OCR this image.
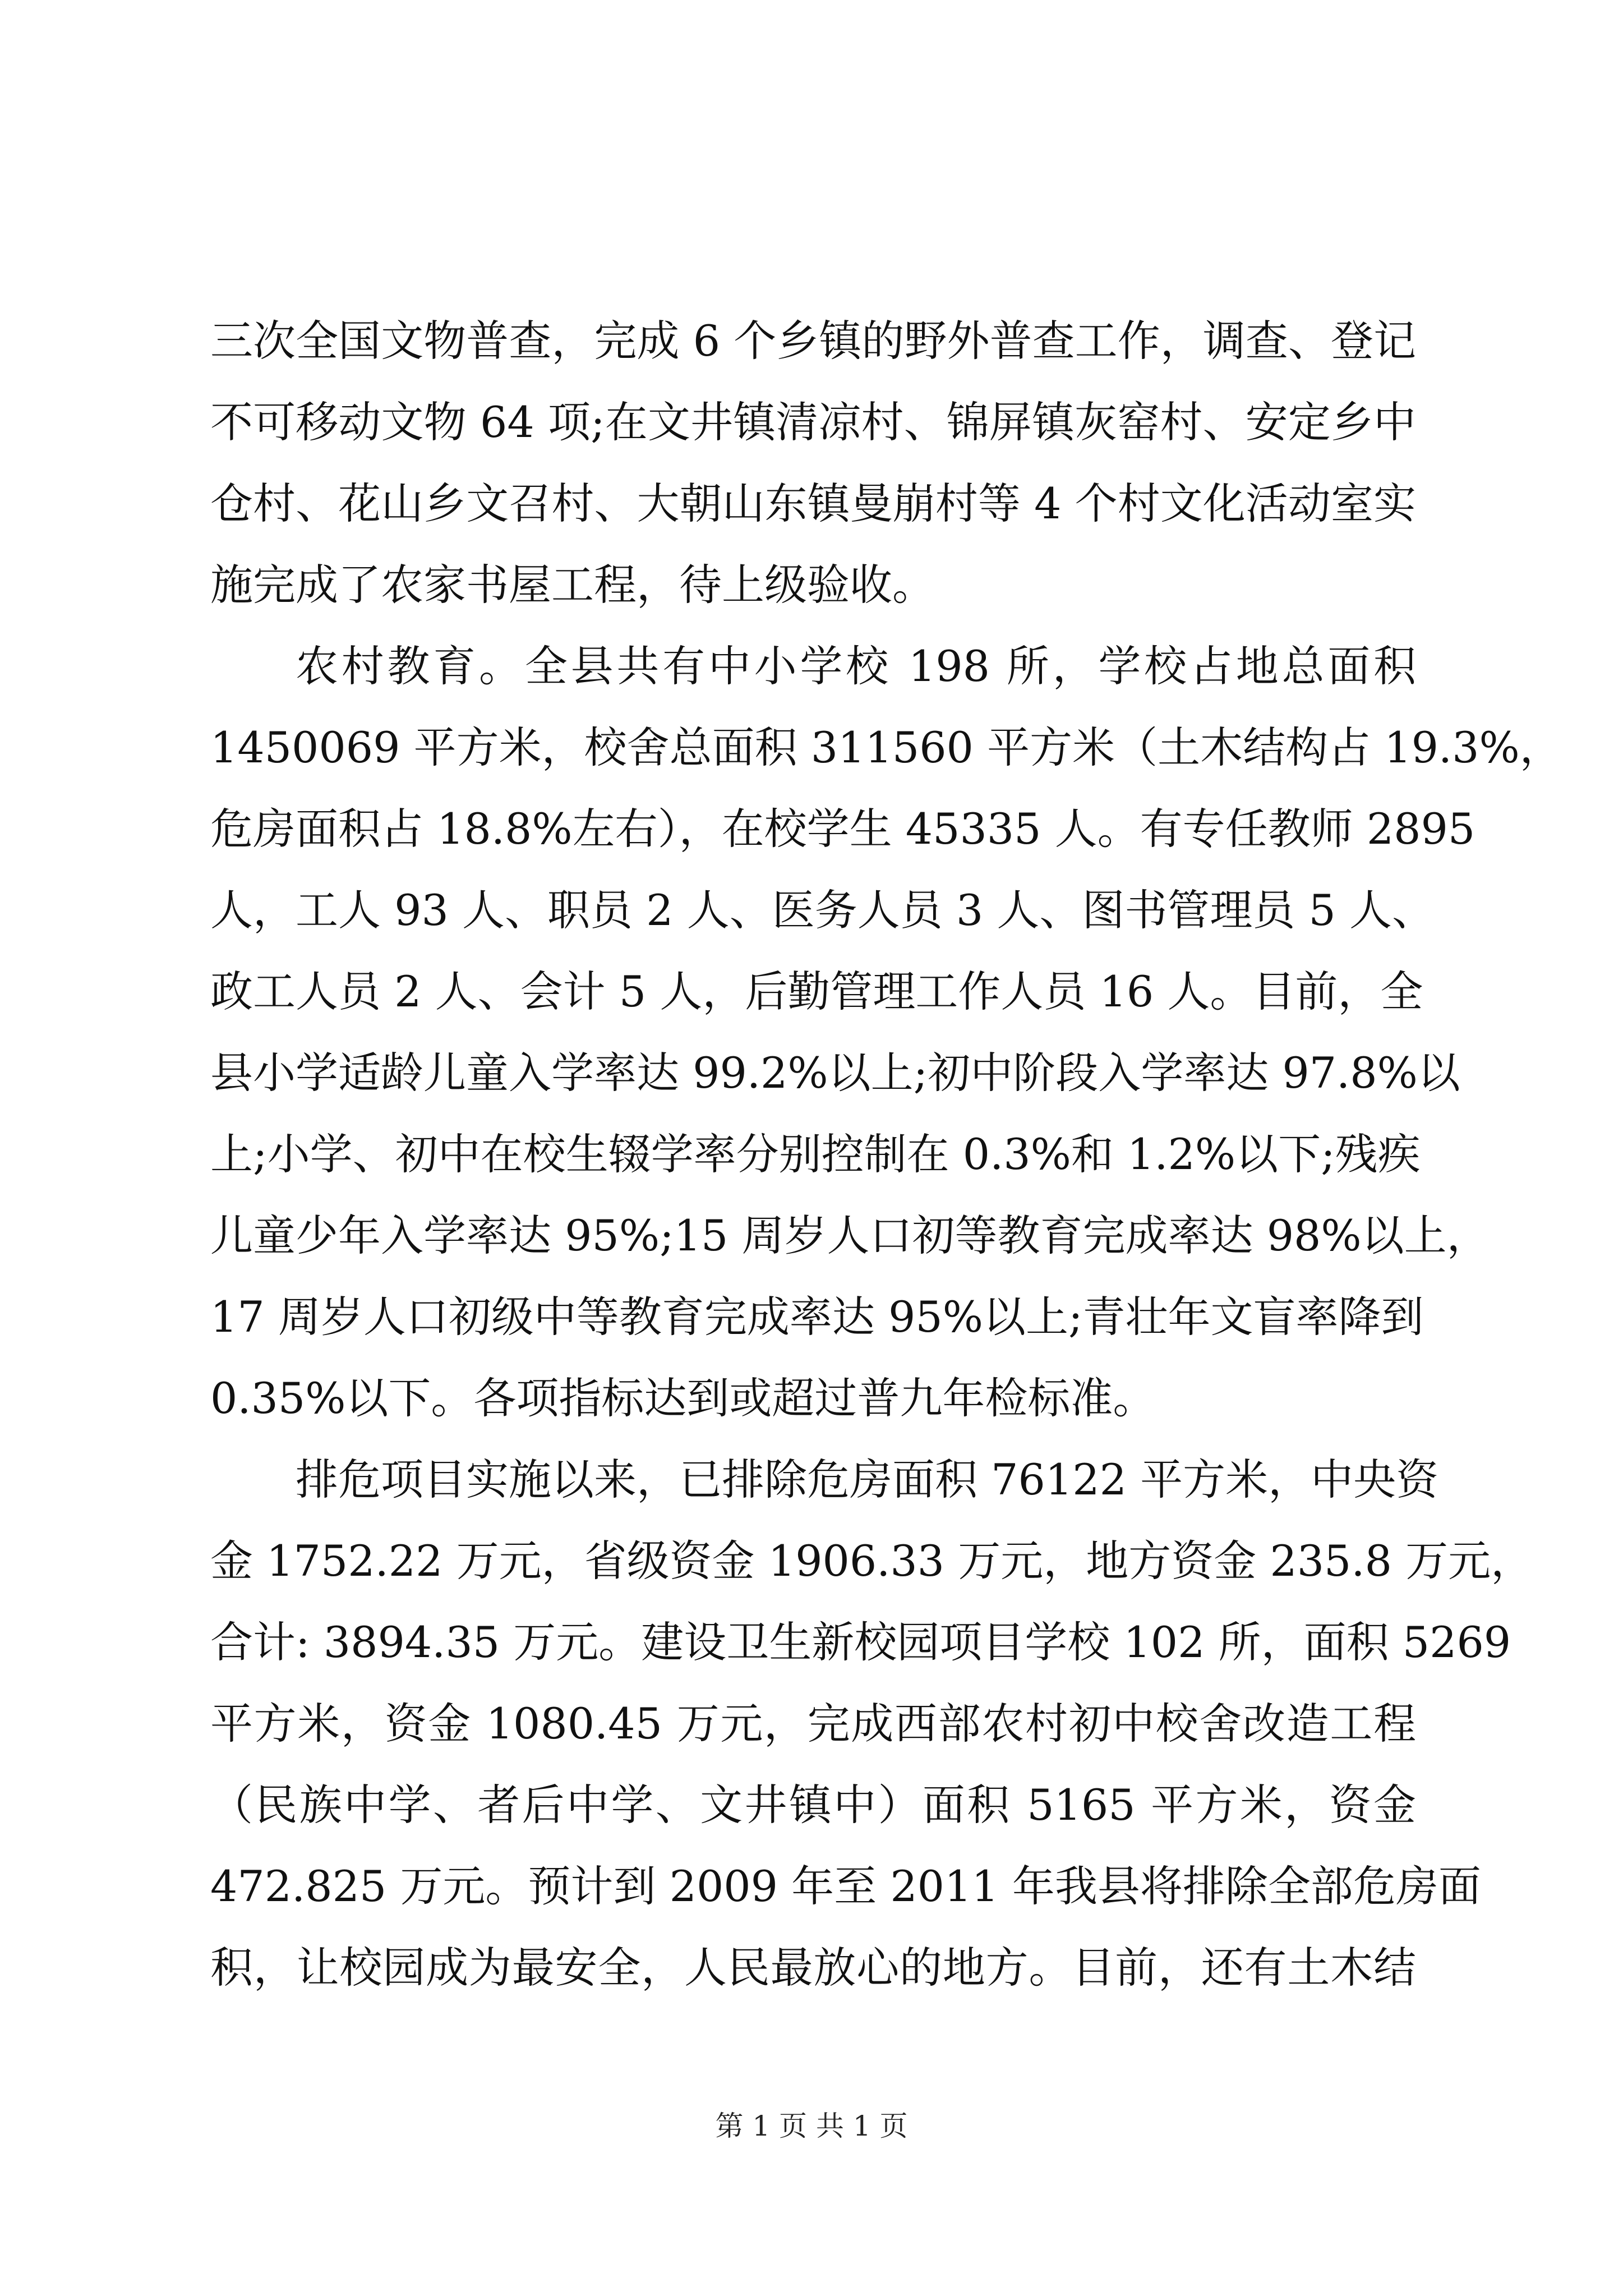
三次全国文物普查，完成 6 个乡镇的野外普查工作，调查、登记
不可移动文物 64 项;在文井镇清凉村、锦屏镇灰窑村、安定乡中
仓村、花山乡文召村、大朝山东镇曼崩村等 4 个村文化活动室实
施完成了农家书屋工程，待上级验收。
农村教育。全县共有中小学校 198 所，学校占地总面积
1450069 平方米，校舍总面积 311560 平方米（土木结构占 19.3%，
危房面积占 18.8%左右），在校学生 45335 人。有专任教师 2895
人，工人 93 人、职员 2 人、医务人员 3 人、图书管理员 5 人、
政工人员 2 人、会计 5 人，后勤管理工作人员 16 人。目前，全
县小学适龄儿童入学率达 99.2%以上;初中阶段入学率达 97.8%以
上;小学、初中在校生辍学率分别控制在 0.3%和 1.2%以下;残疾
儿童少年入学率达 95%;15 周岁人口初等教育完成率达 98%以上，
17 周岁人口初级中等教育完成率达 95%以上;青壮年文盲率降到
0.35%以下。各项指标达到或超过普九年检标准。
排危项目实施以来，已排除危房面积 76122 平方米，中央资
金 1752.22 万元，省级资金 1906.33 万元，地方资金 235.8 万元，
合计: 3894.35 万元。建设卫生新校园项目学校 102 所，面积 5269
平方米，资金 1080.45 万元，完成西部农村初中校舍改造工程
（民族中学、者后中学、文井镇中）面积 5165 平方米，资金
472.825 万元。预计到 2009 年至 2011 年我县将排除全部危房面
积，让校园成为最安全，人民最放心的地方。目前，还有土木结
第 1 页 共 1 页
